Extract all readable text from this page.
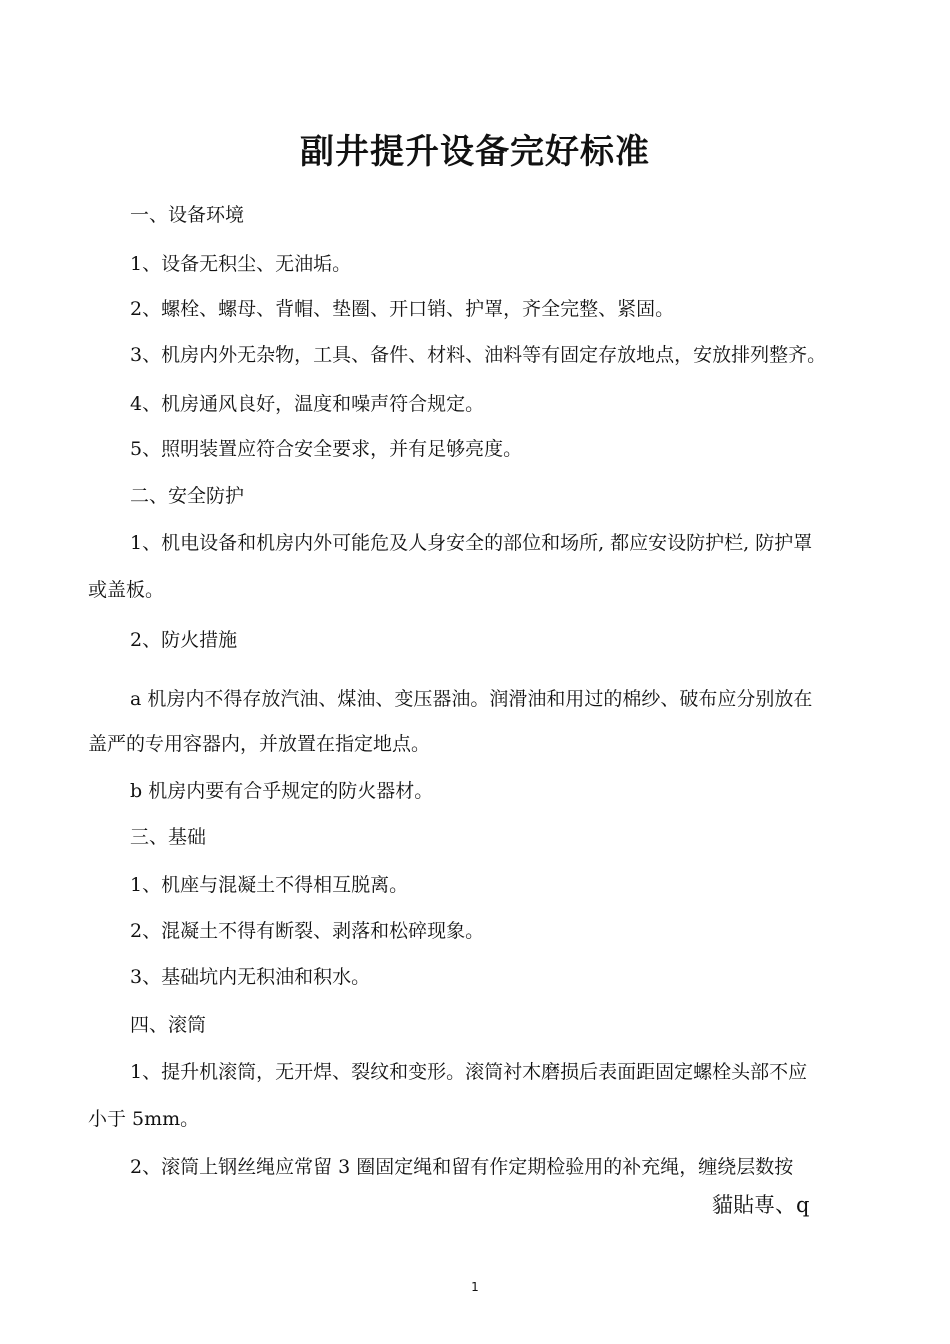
副井提升设备完好标准
一、设备环境
1、设备无积尘、无油垢。
2、螺栓、螺母、背帽、垫圈、开口销、护罩，齐全完整、紧固。
3、机房内外无杂物，工具、备件、材料、油料等有固定存放地点，安放排列整齐。
4、机房通风良好，温度和噪声符合规定。
5、照明装置应符合安全要求，并有足够亮度。
二、安全防护
1、机电设备和机房内外可能危及人身安全的部位和场所, 都应安设防护栏, 防护罩
或盖板。
2、防火措施
a 机房内不得存放汽油、煤油、变压器油。润滑油和用过的棉纱、破布应分别放在
盖严的专用容器内，并放置在指定地点。
b 机房内要有合乎规定的防火器材。
三、基础
1、机座与混凝土不得相互脱离。
2、混凝土不得有断裂、剥落和松碎现象。
3、基础坑内无积油和积水。
四、滚筒
1、提升机滚筒，无开焊、裂纹和变形。滚筒衬木磨损后表面距固定螺栓头部不应
小于 5mm。
2、滚筒上钢丝绳应常留 3 圈固定绳和留有作定期检验用的补充绳，缠绕层数按
貓貼専、q
1
